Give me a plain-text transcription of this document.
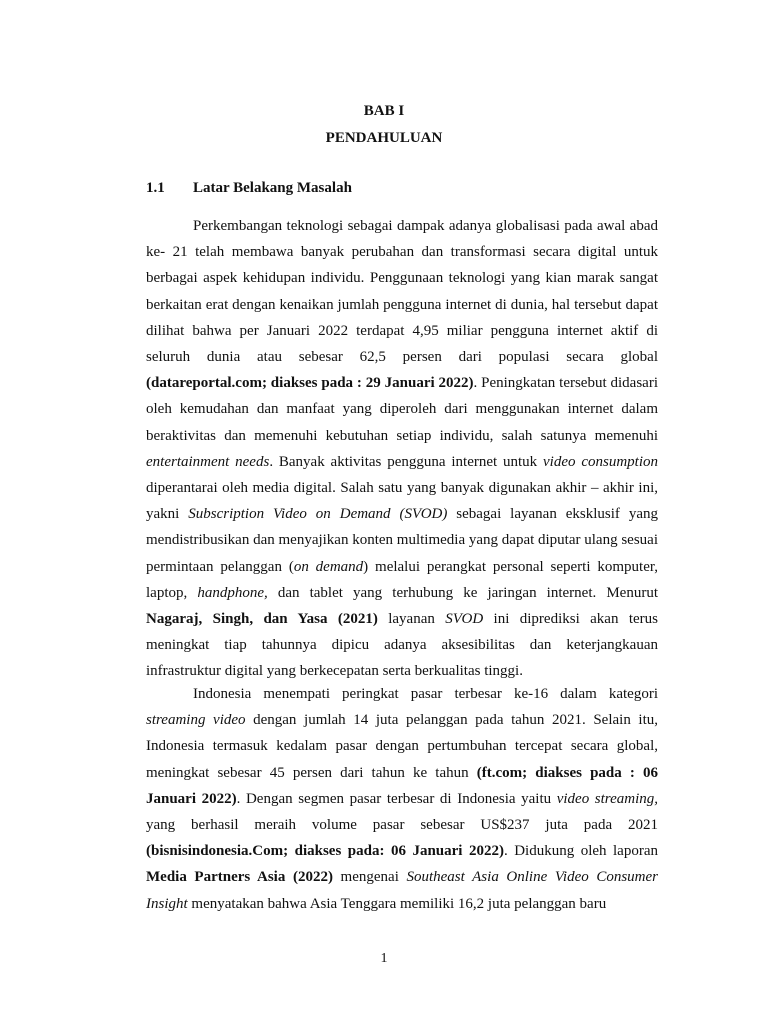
BAB I
PENDAHULUAN
1.1 Latar Belakang Masalah

Perkembangan teknologi sebagai dampak adanya globalisasi pada awal abad ke- 21 telah membawa banyak perubahan dan transformasi secara digital untuk berbagai aspek kehidupan individu. Penggunaan teknologi yang kian marak sangat berkaitan erat dengan kenaikan jumlah pengguna internet di dunia, hal tersebut dapat dilihat bahwa per Januari 2022 terdapat 4,95 miliar pengguna internet aktif di seluruh dunia atau sebesar 62,5 persen dari populasi secara global (datareportal.com; diakses pada : 29 Januari 2022). Peningkatan tersebut didasari oleh kemudahan dan manfaat yang diperoleh dari menggunakan internet dalam beraktivitas dan memenuhi kebutuhan setiap individu, salah satunya memenuhi entertainment needs. Banyak aktivitas pengguna internet untuk video consumption diperantarai oleh media digital. Salah satu yang banyak digunakan akhir – akhir ini, yakni Subscription Video on Demand (SVOD) sebagai layanan eksklusif yang mendistribusikan dan menyajikan konten multimedia yang dapat diputar ulang sesuai permintaan pelanggan (on demand) melalui perangkat personal seperti komputer, laptop, handphone, dan tablet yang terhubung ke jaringan internet. Menurut Nagaraj, Singh, dan Yasa (2021) layanan SVOD ini diprediksi akan terus meningkat tiap tahunnya dipicu adanya aksesibilitas dan keterjangkauan infrastruktur digital yang berkecepatan serta berkualitas tinggi.

Indonesia menempati peringkat pasar terbesar ke-16 dalam kategori streaming video dengan jumlah 14 juta pelanggan pada tahun 2021. Selain itu, Indonesia termasuk kedalam pasar dengan pertumbuhan tercepat secara global, meningkat sebesar 45 persen dari tahun ke tahun (ft.com; diakses pada : 06 Januari 2022). Dengan segmen pasar terbesar di Indonesia yaitu video streaming, yang berhasil meraih volume pasar sebesar US$237 juta pada 2021 (bisnisindonesia.Com; diakses pada: 06 Januari 2022). Didukung oleh laporan Media Partners Asia (2022) mengenai Southeast Asia Online Video Consumer Insight menyatakan bahwa Asia Tenggara memiliki 16,2 juta pelanggan baru

1
